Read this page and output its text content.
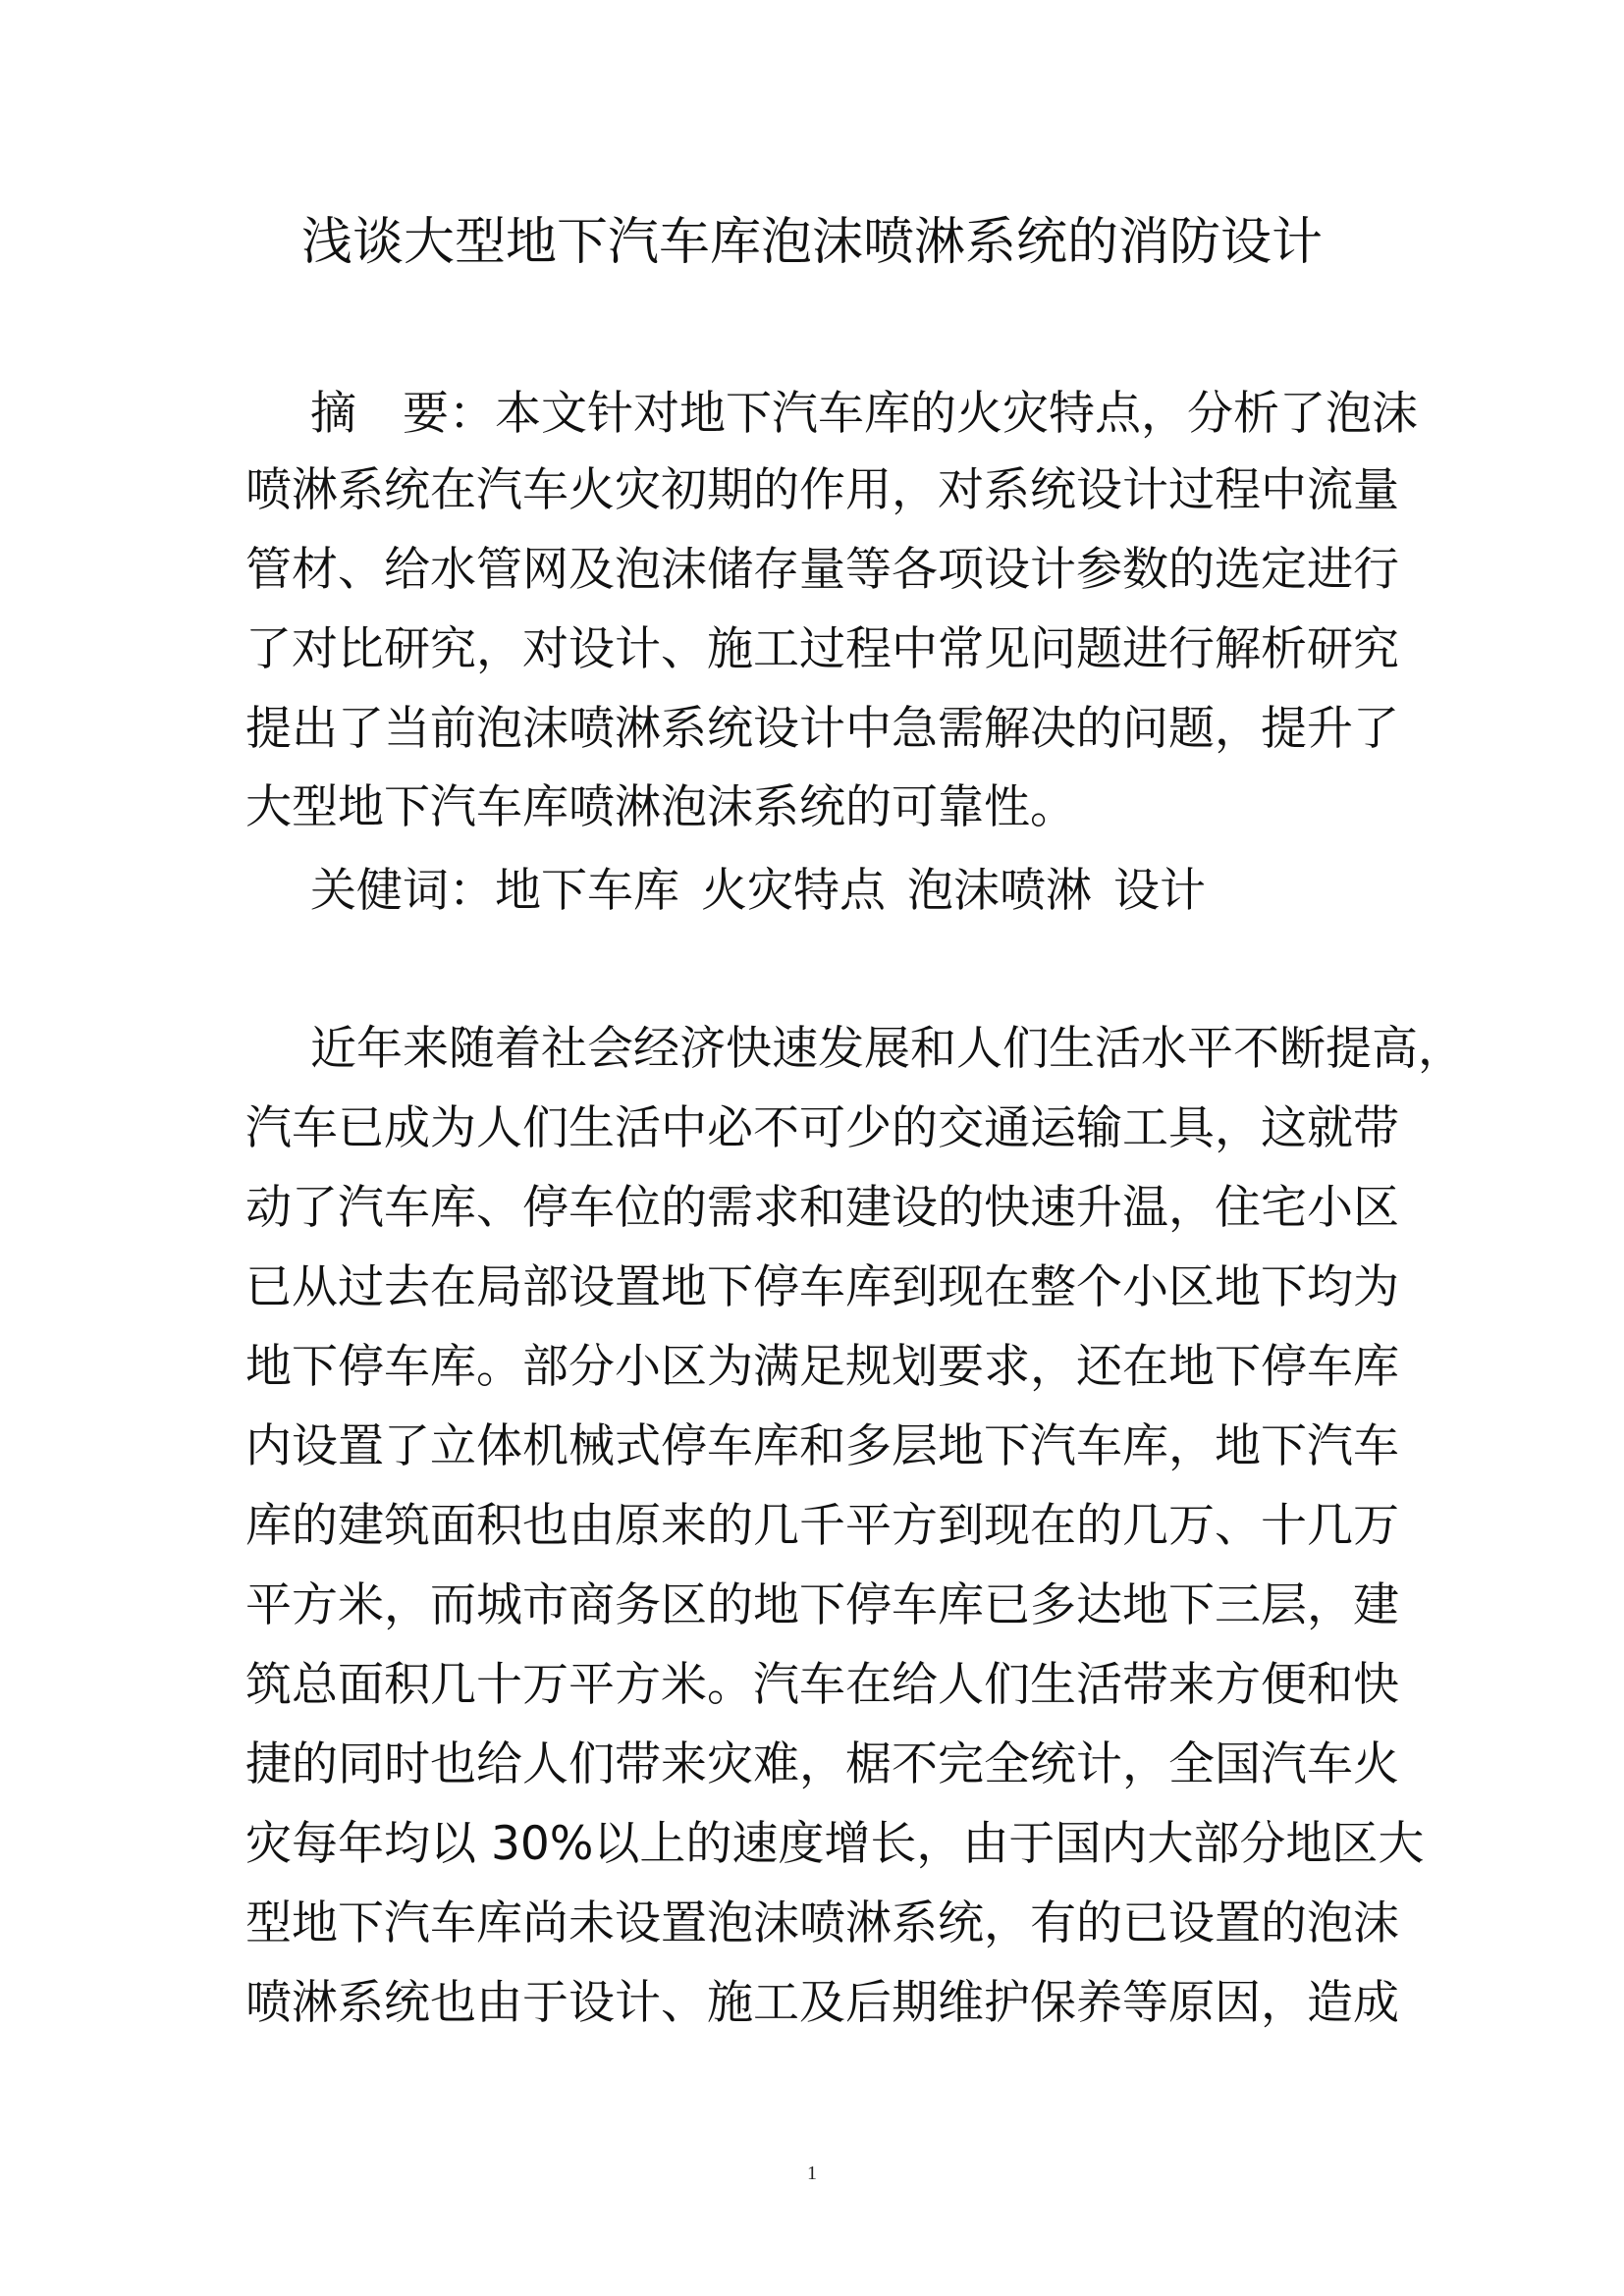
浅谈大型地下汽车库泡沫喷淋系统的消防设计
摘　要：本文针对地下汽车库的火灾特点，分析了泡沫
喷淋系统在汽车火灾初期的作用，对系统设计过程中流量
管材、给水管网及泡沫储存量等各项设计参数的选定进行
了对比研究，对设计、施工过程中常见问题进行解析研究
提出了当前泡沫喷淋系统设计中急需解决的问题，提升了
大型地下汽车库喷淋泡沫系统的可靠性。
关健词：地下车库 火灾特点 泡沫喷淋 设计
近年来随着社会经济快速发展和人们生活水平不断提高，
汽车已成为人们生活中必不可少的交通运输工具，这就带
动了汽车库、停车位的需求和建设的快速升温，住宅小区
已从过去在局部设置地下停车库到现在整个小区地下均为
地下停车库。部分小区为满足规划要求，还在地下停车库
内设置了立体机械式停车库和多层地下汽车库，地下汽车
库的建筑面积也由原来的几千平方到现在的几万、十几万
平方米，而城市商务区的地下停车库已多达地下三层，建
筑总面积几十万平方米。汽车在给人们生活带来方便和快
捷的同时也给人们带来灾难，椐不完全统计，全国汽车火
灾每年均以 30%以上的速度增长，由于国内大部分地区大
型地下汽车库尚未设置泡沫喷淋系统，有的已设置的泡沫
喷淋系统也由于设计、施工及后期维护保养等原因，造成
1
